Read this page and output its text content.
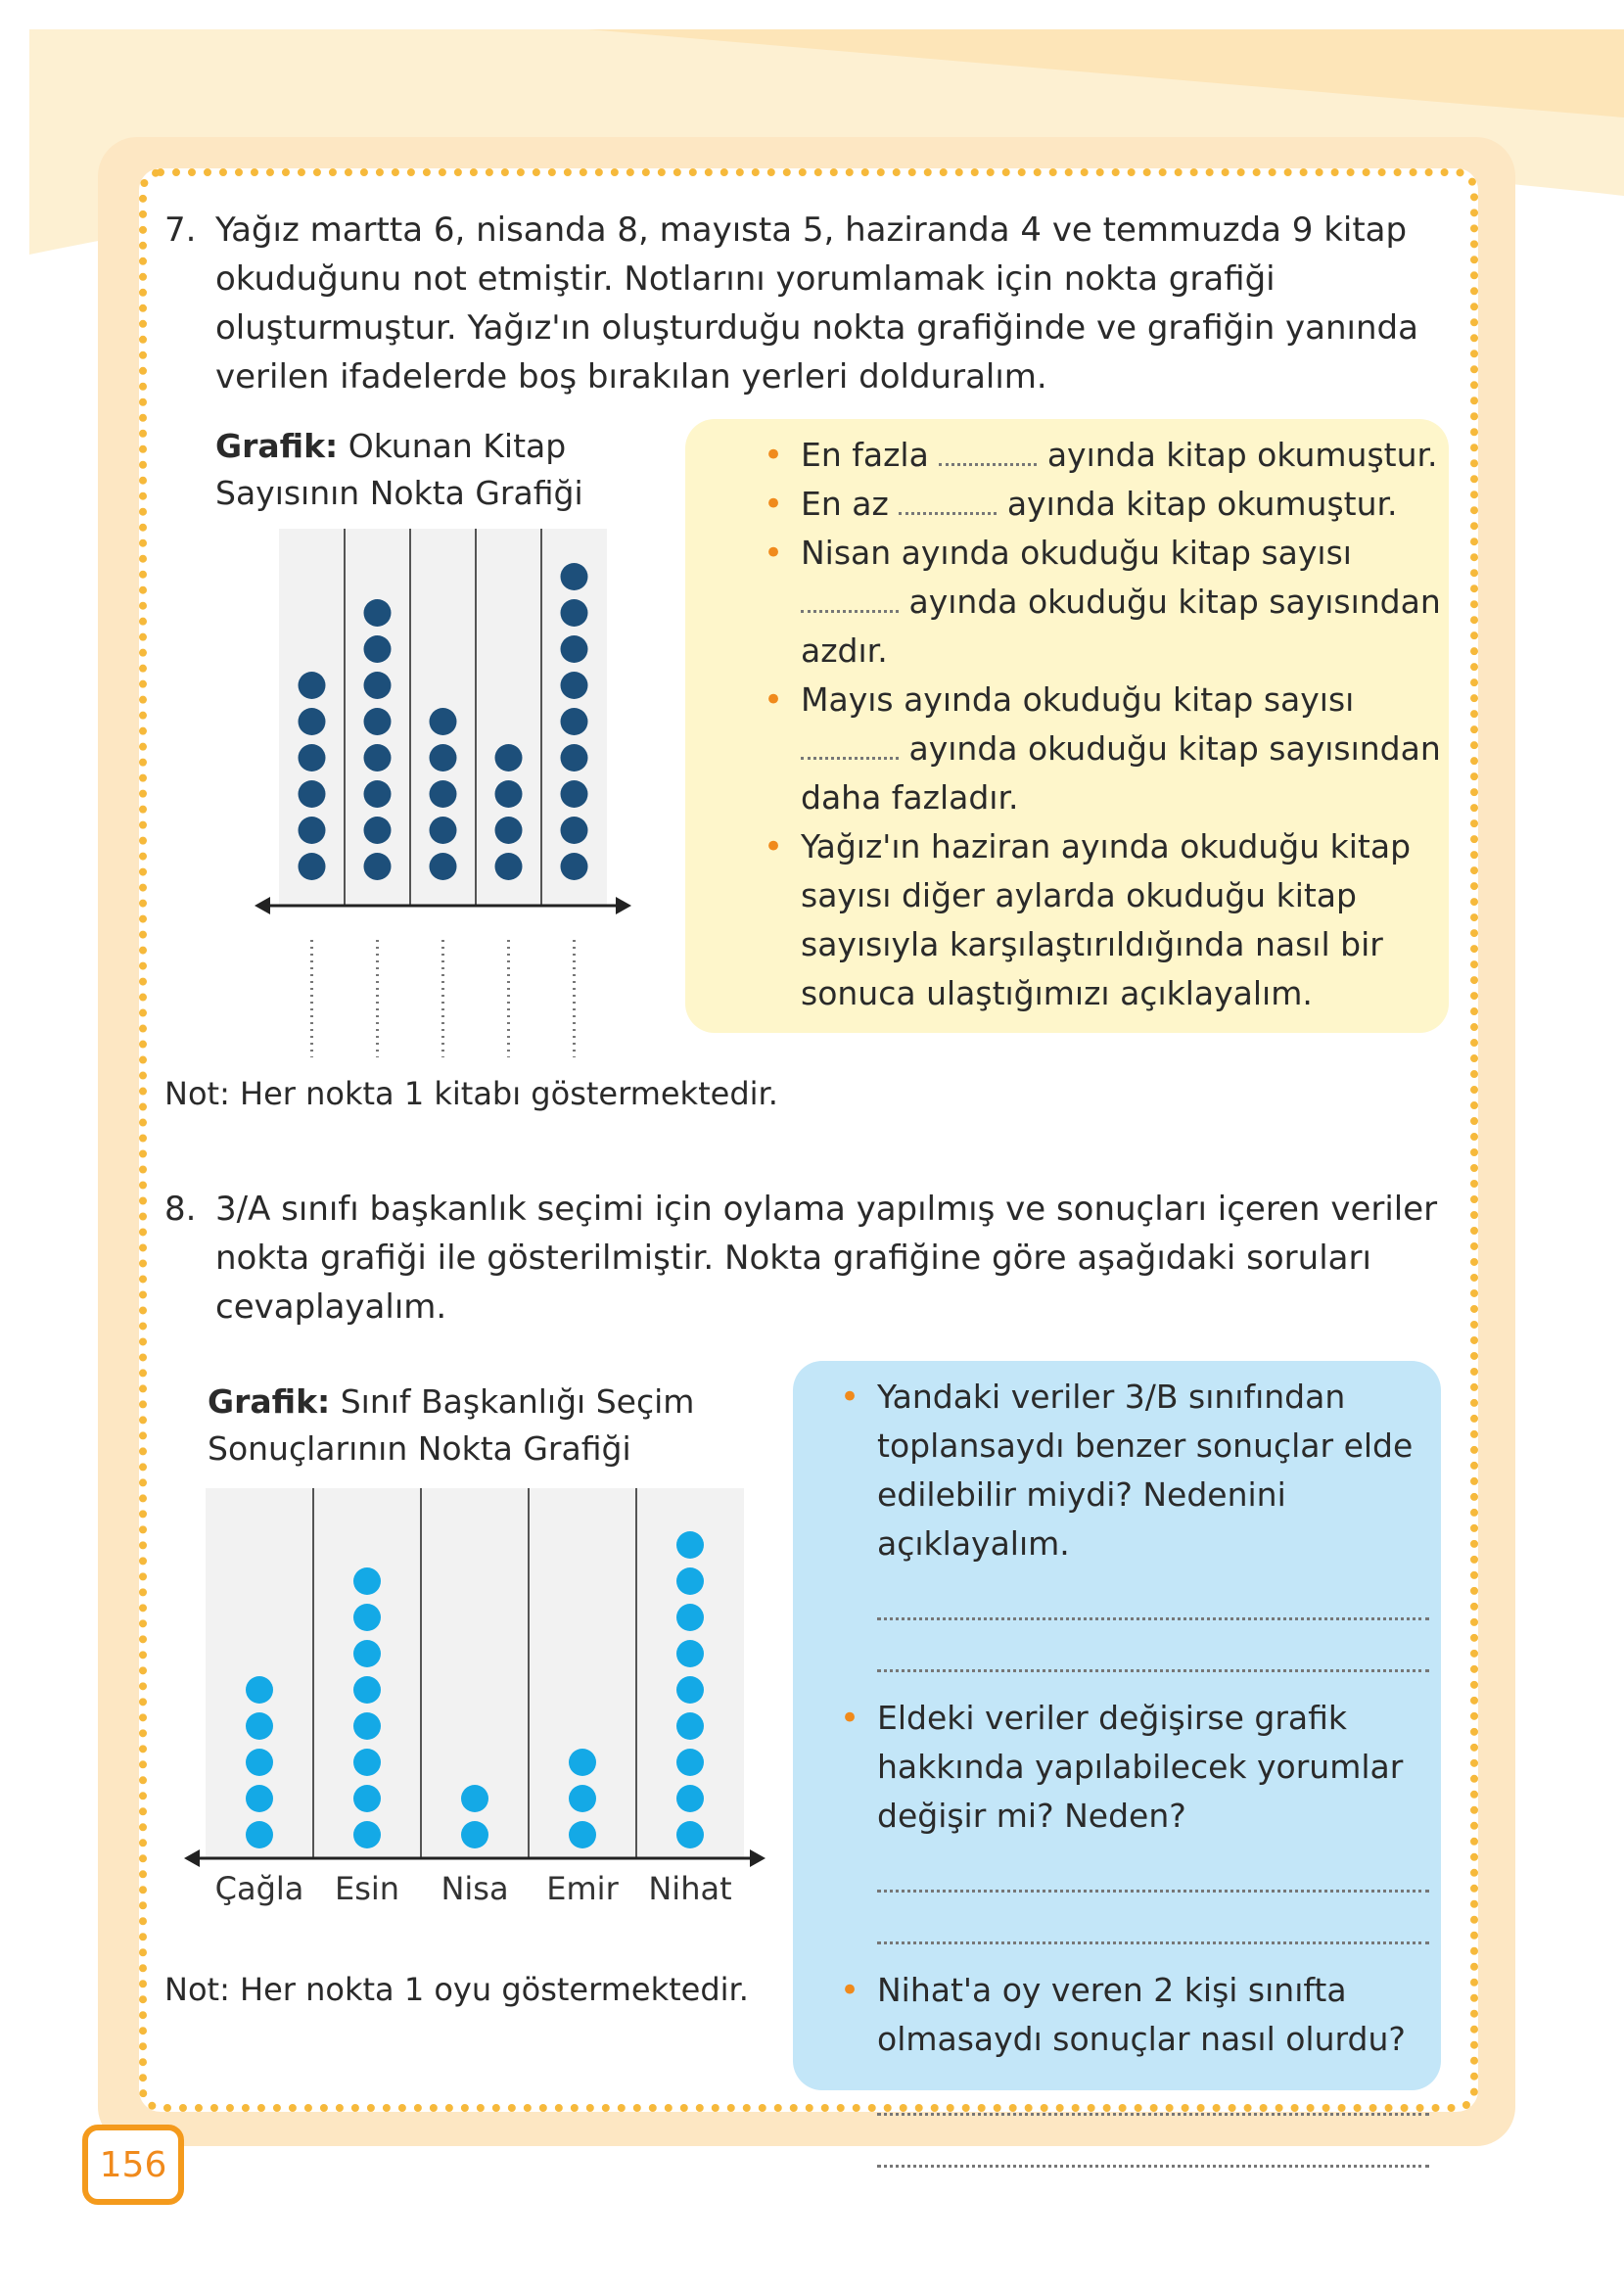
7. Yağız martta 6, nisanda 8, mayısta 5, haziranda 4 ve temmuzda 9 kitap okuduğunu not etmiştir. Notlarını yorumlamak için nokta grafiği oluşturmuştur. Yağız'ın oluşturduğu nokta grafiğinde ve grafiğin yanında verilen ifadelerde boş bırakılan yerleri dolduralım.
Grafik: Okunan Kitap Sayısının Nokta Grafiği
Not: Her nokta 1 kitabı göstermektedir.
• En fazla	ayında kitap okumuştur.
• En az	ayında kitap okumuştur.
• Nisan ayında okuduğu kitap sayısı  ayında okuduğu kitap sayısından azdır.
• Mayıs ayında okuduğu kitap sayısı  ayında okuduğu kitap sayısından daha fazladır.
• Yağız'ın haziran ayında okuduğu kitap sayısı diğer aylarda okuduğu kitap sayısıyla karşılaştırıldığında nasıl bir sonuca ulaştığımızı açıklayalım.
8. 3/A sınıfı başkanlık seçimi için oylama yapılmış ve sonuçları içeren veriler nokta grafiği ile gösterilmiştir. Nokta grafiğine göre aşağıdaki soruları cevaplayalım.
Grafik: Sınıf Başkanlığı Seçim Sonuçlarının Nokta Grafiği
Çağla Esin Nisa Emir Nihat
Not: Her nokta 1 oyu göstermektedir.
• Yandaki veriler 3/B sınıfından toplansaydı benzer sonuçlar elde edilebilir miydi? Nedenini açıklayalım.
• Eldeki veriler değişirse grafik hakkında yapılabilecek yorumlar değişir mi? Neden?
• Nihat'a oy veren 2 kişi sınıfta olmasaydı sonuçlar nasıl olurdu?
156
